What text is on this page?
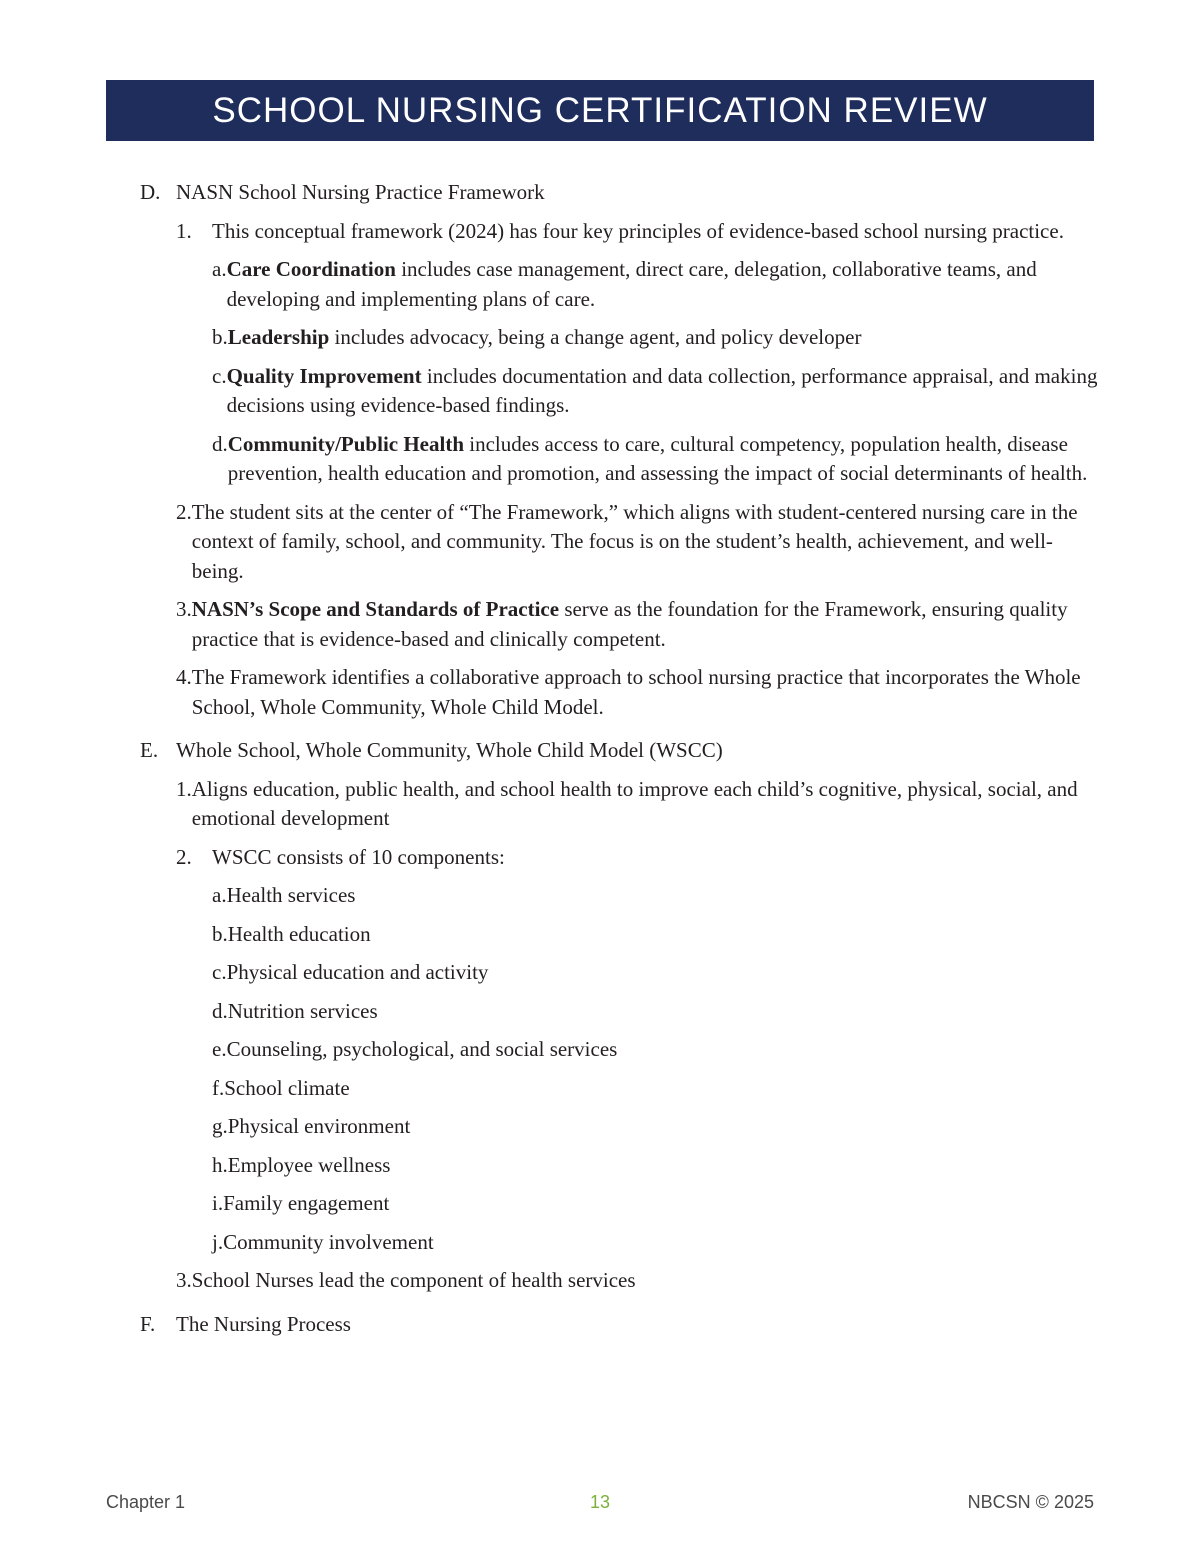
SCHOOL NURSING CERTIFICATION REVIEW
D. NASN School Nursing Practice Framework
1. This conceptual framework (2024) has four key principles of evidence-based school nursing practice.
a. Care Coordination includes case management, direct care, delegation, collaborative teams, and developing and implementing plans of care.
b. Leadership includes advocacy, being a change agent, and policy developer
c. Quality Improvement includes documentation and data collection, performance appraisal, and making decisions using evidence-based findings.
d. Community/Public Health includes access to care, cultural competency, population health, disease prevention, health education and promotion, and assessing the impact of social determinants of health.
2. The student sits at the center of “The Framework,” which aligns with student-centered nursing care in the context of family, school, and community. The focus is on the student’s health, achievement, and well-being.
3. NASN’s Scope and Standards of Practice serve as the foundation for the Framework, ensuring quality practice that is evidence-based and clinically competent.
4. The Framework identifies a collaborative approach to school nursing practice that incorporates the Whole School, Whole Community, Whole Child Model.
E. Whole School, Whole Community, Whole Child Model (WSCC)
1. Aligns education, public health, and school health to improve each child’s cognitive, physical, social, and emotional development
2. WSCC consists of 10 components:
a. Health services
b. Health education
c. Physical education and activity
d. Nutrition services
e. Counseling, psychological, and social services
f. School climate
g. Physical environment
h. Employee wellness
i. Family engagement
j. Community involvement
3. School Nurses lead the component of health services
F. The Nursing Process
Chapter 1	13	NBCSN © 2025
